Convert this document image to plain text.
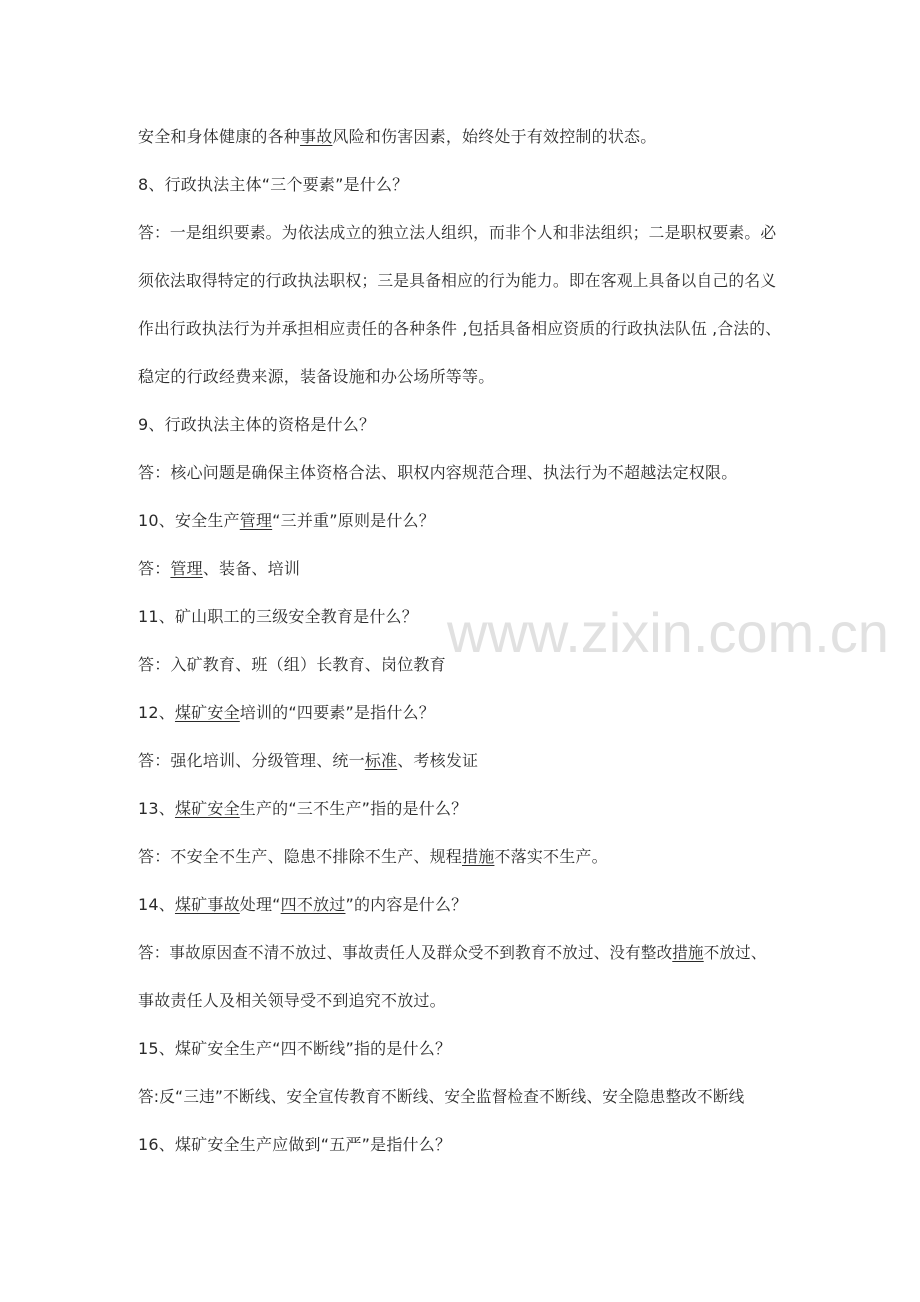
安全和身体健康的各种事故风险和伤害因素，始终处于有效控制的状态。
8、行政执法主体“三个要素”是什么？
答：一是组织要素。为依法成立的独立法人组织，而非个人和非法组织；二是职权要素。必
须依法取得特定的行政执法职权；三是具备相应的行为能力。即在客观上具备以自己的名义
作出行政执法行为并承担相应责任的各种条件 ,包括具备相应资质的行政执法队伍 ,合法的、
稳定的行政经费来源，装备设施和办公场所等等。
9、行政执法主体的资格是什么？
答：核心问题是确保主体资格合法、职权内容规范合理、执法行为不超越法定权限。
10、安全生产管理“三并重”原则是什么？
答：管理、装备、培训
11、矿山职工的三级安全教育是什么？
答：入矿教育、班（组）长教育、岗位教育
12、煤矿安全培训的“四要素”是指什么？
答：强化培训、分级管理、统一标准、考核发证
13、煤矿安全生产的“三不生产”指的是什么？
答：不安全不生产、隐患不排除不生产、规程措施不落实不生产。
14、煤矿事故处理“四不放过”的内容是什么？
答：事故原因查不清不放过、事故责任人及群众受不到教育不放过、没有整改措施不放过、
事故责任人及相关领导受不到追究不放过。
15、煤矿安全生产“四不断线”指的是什么？
答:反“三违”不断线、安全宣传教育不断线、安全监督检查不断线、安全隐患整改不断线
16、煤矿安全生产应做到“五严”是指什么？
www.zixin.com.cn
